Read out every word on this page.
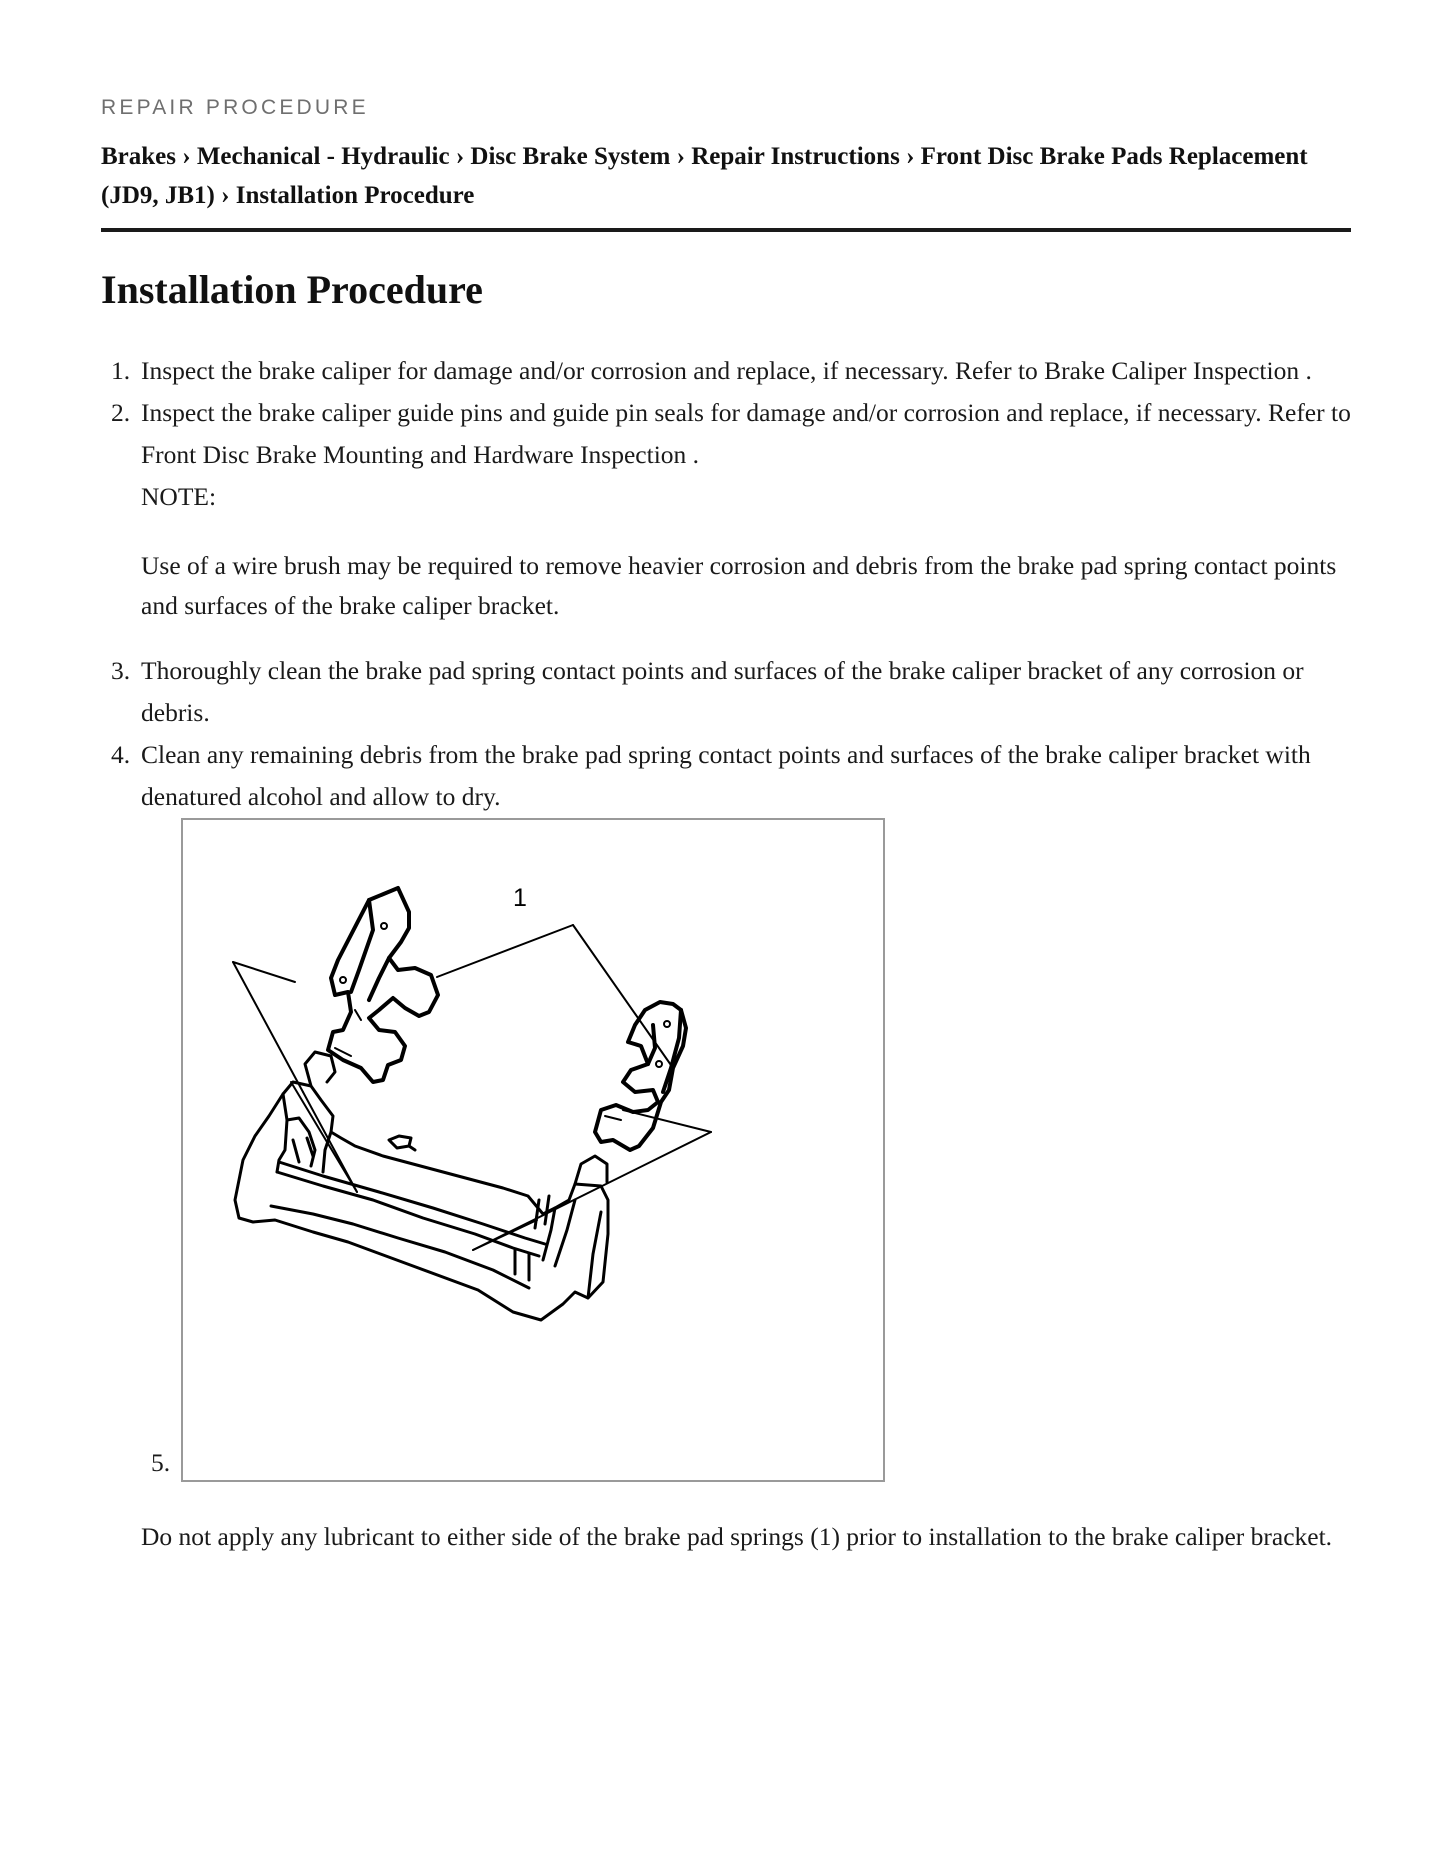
REPAIR PROCEDURE
Brakes › Mechanical - Hydraulic › Disc Brake System › Repair Instructions › Front Disc Brake Pads Replacement (JD9, JB1) › Installation Procedure
Installation Procedure
1. Inspect the brake caliper for damage and/or corrosion and replace, if necessary. Refer to Brake Caliper Inspection .
2. Inspect the brake caliper guide pins and guide pin seals for damage and/or corrosion and replace, if necessary. Refer to Front Disc Brake Mounting and Hardware Inspection .
NOTE:
Use of a wire brush may be required to remove heavier corrosion and debris from the brake pad spring contact points and surfaces of the brake caliper bracket.
3. Thoroughly clean the brake pad spring contact points and surfaces of the brake caliper bracket of any corrosion or debris.
4. Clean any remaining debris from the brake pad spring contact points and surfaces of the brake caliper bracket with denatured alcohol and allow to dry.
5.
1
Do not apply any lubricant to either side of the brake pad springs (1) prior to installation to the brake caliper bracket.
